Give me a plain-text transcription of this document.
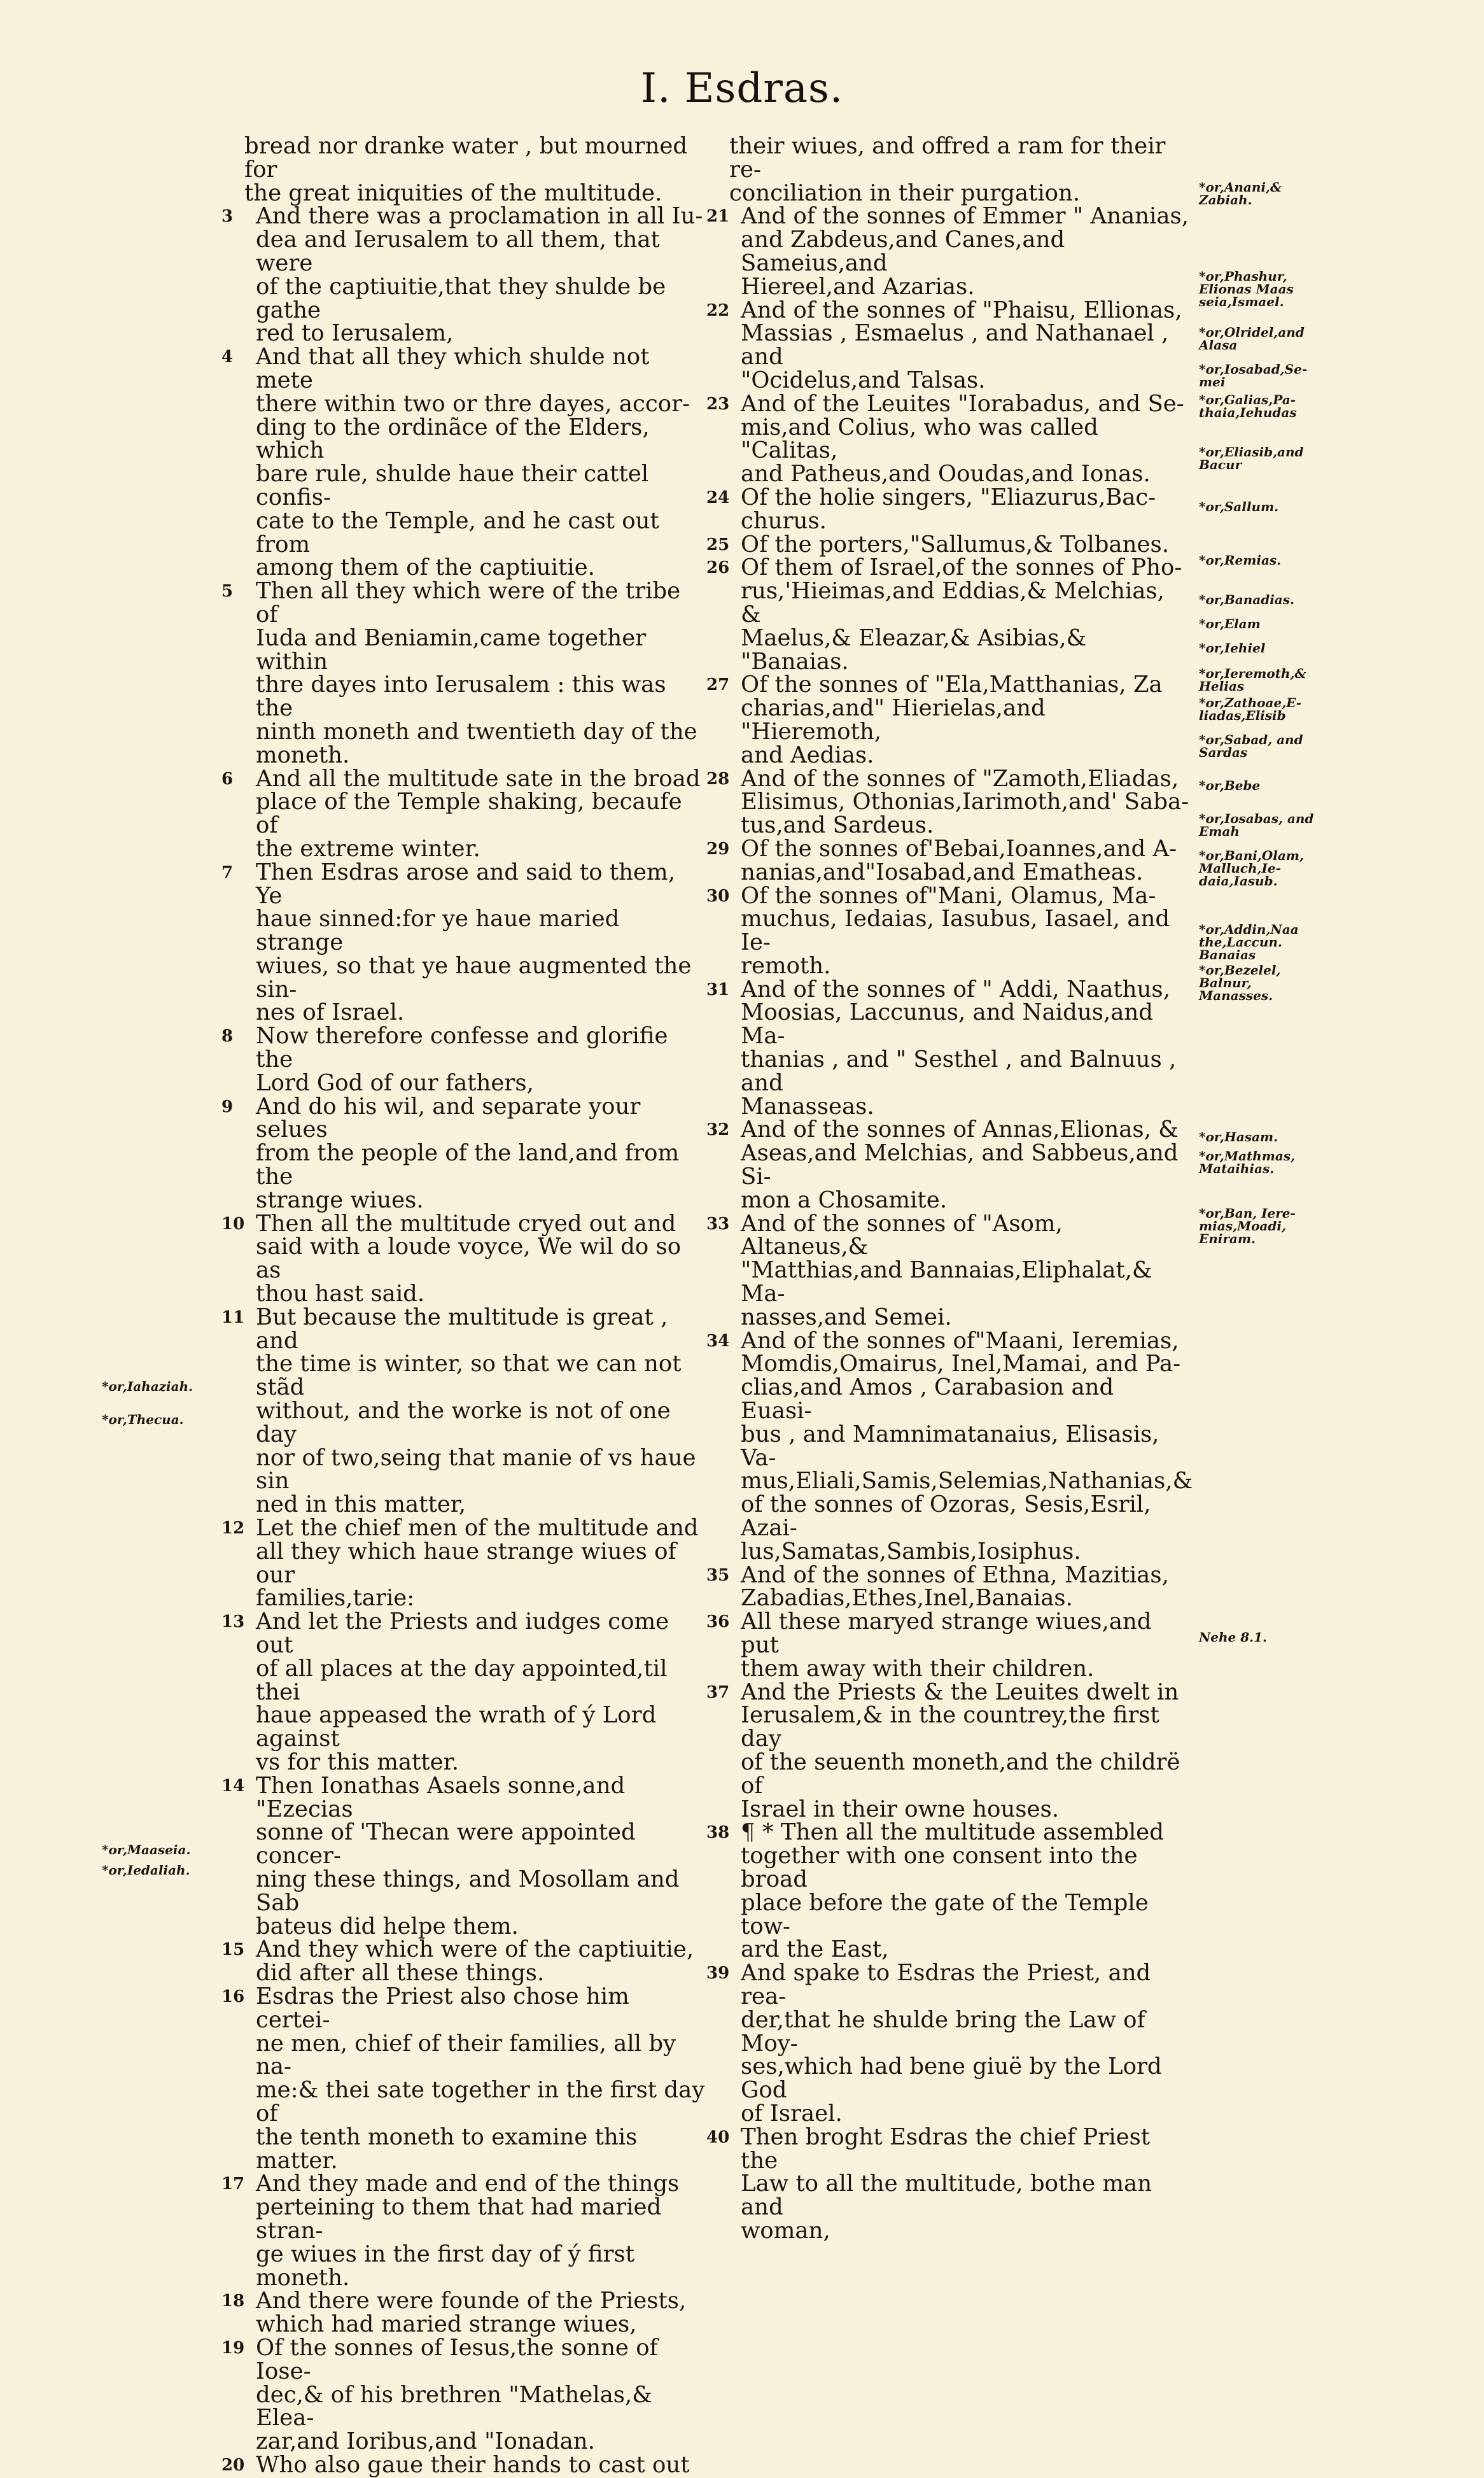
I. Esdras.

bread nor dranke water , but mourned for

the great iniquities of the multitude.

3 And there was a proclamation in all Iu-

dea and Ierusalem to all them, that were

of the captiuitie,that they shulde be gathe

red to Ierusalem,

4 And that all they which shulde not mete

there within two or thre dayes, accor-

ding to the ordinãce of the Elders, which

bare rule, shulde haue their cattel confis-

cate to the Temple, and he cast out from

among them of the captiuitie.

5 Then all they which were of the tribe of

Iuda and Beniamin,came together within

thre dayes into Ierusalem : this was the

ninth moneth and twentieth day of the

moneth.

6 And all the multitude sate in the broad

place of the Temple shaking, becaufe of

the extreme winter.

7 Then Esdras arose and said to them, Ye

haue sinned:for ye haue maried strange

wiues, so that ye haue augmented the sin-

nes of Israel.

8 Now therefore confesse and glorifie the

Lord God of our fathers,

9 And do his wil, and separate your selues

from the people of the land,and from the

strange wiues.

10 Then all the multitude cryed out and

said with a loude voyce, We wil do so as

thou hast said.

11 But because the multitude is great , and

the time is winter, so that we can not stãd

without, and the worke is not of one day

nor of two,seing that manie of vs haue sin

ned in this matter,

12 Let the chief men of the multitude and

all they which haue strange wiues of our

families,tarie:

13 And let the Priests and iudges come out

of all places at the day appointed,til thei

haue appeased the wrath of ý Lord against

vs for this matter.

14 Then Ionathas Asaels sonne,and "Ezecias

sonne of 'Thecan were appointed concer-

ning these things, and Mosollam and Sab

bateus did helpe them.

15 And they which were of the captiuitie,

did after all these things.

16 Esdras the Priest also chose him certei-

ne men, chief of their families, all by na-

me:& thei sate together in the first day of

the tenth moneth to examine this matter.

17 And they made and end of the things

perteining to them that had maried stran-

ge wiues in the first day of ý first moneth.

18 And there were founde of the Priests,

which had maried strange wiues,

19 Of the sonnes of Iesus,the sonne of Iose-

dec,& of his brethren "Mathelas,& Elea-

zar,and Ioribus,and "Ionadan.

20 Who also gaue their hands to cast out

their wiues, and offred a ram for their re-

conciliation in their purgation.

21 And of the sonnes of Emmer " Ananias,

and Zabdeus,and Canes,and Sameius,and

Hiereel,and Azarias.

22 And of the sonnes of "Phaisu, Ellionas,

Massias , Esmaelus , and Nathanael , and

"Ocidelus,and Talsas.

23 And of the Leuites "Iorabadus, and Se-

mis,and Colius, who was called "Calitas,

and Patheus,and Ooudas,and Ionas.

24 Of the holie singers, "Eliazurus,Bac-

churus.

25 Of the porters,"Sallumus,& Tolbanes.

26 Of them of Israel,of the sonnes of Pho-

rus,'Hieimas,and Eddias,& Melchias, &

Maelus,& Eleazar,& Asibias,& "Banaias.

27 Of the sonnes of "Ela,Matthanias, Za

charias,and" Hierielas,and "Hieremoth,

and Aedias.

28 And of the sonnes of "Zamoth,Eliadas,

Elisimus, Othonias,Iarimoth,and' Saba-

tus,and Sardeus.

29 Of the sonnes of'Bebai,Ioannes,and A-

nanias,and"Iosabad,and Ematheas.

30 Of the sonnes of"Mani, Olamus, Ma-

muchus, Iedaias, Iasubus, Iasael, and Ie-

remoth.

31 And of the sonnes of " Addi, Naathus,

Moosias, Laccunus, and Naidus,and Ma-

thanias , and " Sesthel , and Balnuus , and

Manasseas.

32 And of the sonnes of Annas,Elionas, &

Aseas,and Melchias, and Sabbeus,and Si-

mon a Chosamite.

33 And of the sonnes of "Asom, Altaneus,&

"Matthias,and Bannaias,Eliphalat,& Ma-

nasses,and Semei.

34 And of the sonnes of"Maani, Ieremias,

Momdis,Omairus, Inel,Mamai, and Pa-

clias,and Amos , Carabasion and Euasi-

bus , and Mamnimatanaius, Elisasis, Va-

mus,Eliali,Samis,Selemias,Nathanias,&

of the sonnes of Ozoras, Sesis,Esril, Azai-

lus,Samatas,Sambis,Iosiphus.

35 And of the sonnes of Ethna, Mazitias,

Zabadias,Ethes,Inel,Banaias.

36 All these maryed strange wiues,and put

them away with their children.

37 And the Priests & the Leuites dwelt in

Ierusalem,& in the countrey,the first day

of the seuenth moneth,and the childrë of

Israel in their owne houses.

38 ¶ * Then all the multitude assembled

together with one consent into the broad

place before the gate of the Temple tow-

ard the East,

39 And spake to Esdras the Priest, and rea-

der,that he shulde bring the Law of Moy-

ses,which had bene giuë by the Lord God

of Israel.

40 Then broght Esdras the chief Priest the

Law to all the multitude, bothe man and

woman,

*or,Iahaziah.
*or,Thecua.
*or,Maaseia.
*or,Iedaliah.
*or,Anani,& Zabiah.
*or,Phashur, Elionas Maas seia,Ismael.
*or,Olridel,and Alasa
*or,Iosabad,Se- mei
*or,Galias,Pa- thaia,Iehudas
*or,Eliasib,and Bacur
*or,Sallum.
*or,Remias.
*or,Banadias.
*or,Elam
*or,Iehiel
*or,Ieremoth,& Helias
*or,Zathoae,E- liadas,Elisib
*or,Sabad, and Sardas
*or,Bebe
*or,Iosabas, and Emah
*or,Bani,Olam, Malluch,Ie- daia,Iasub.
*or,Addin,Naa the,Laccun. Banaias
*or,Bezelel, Balnur, Manasses.
*or,Hasam.
*or,Mathmas, Mataihias.
*or,Ban, Iere- mias,Moadi, Eniram.
Nehe 8.1.
